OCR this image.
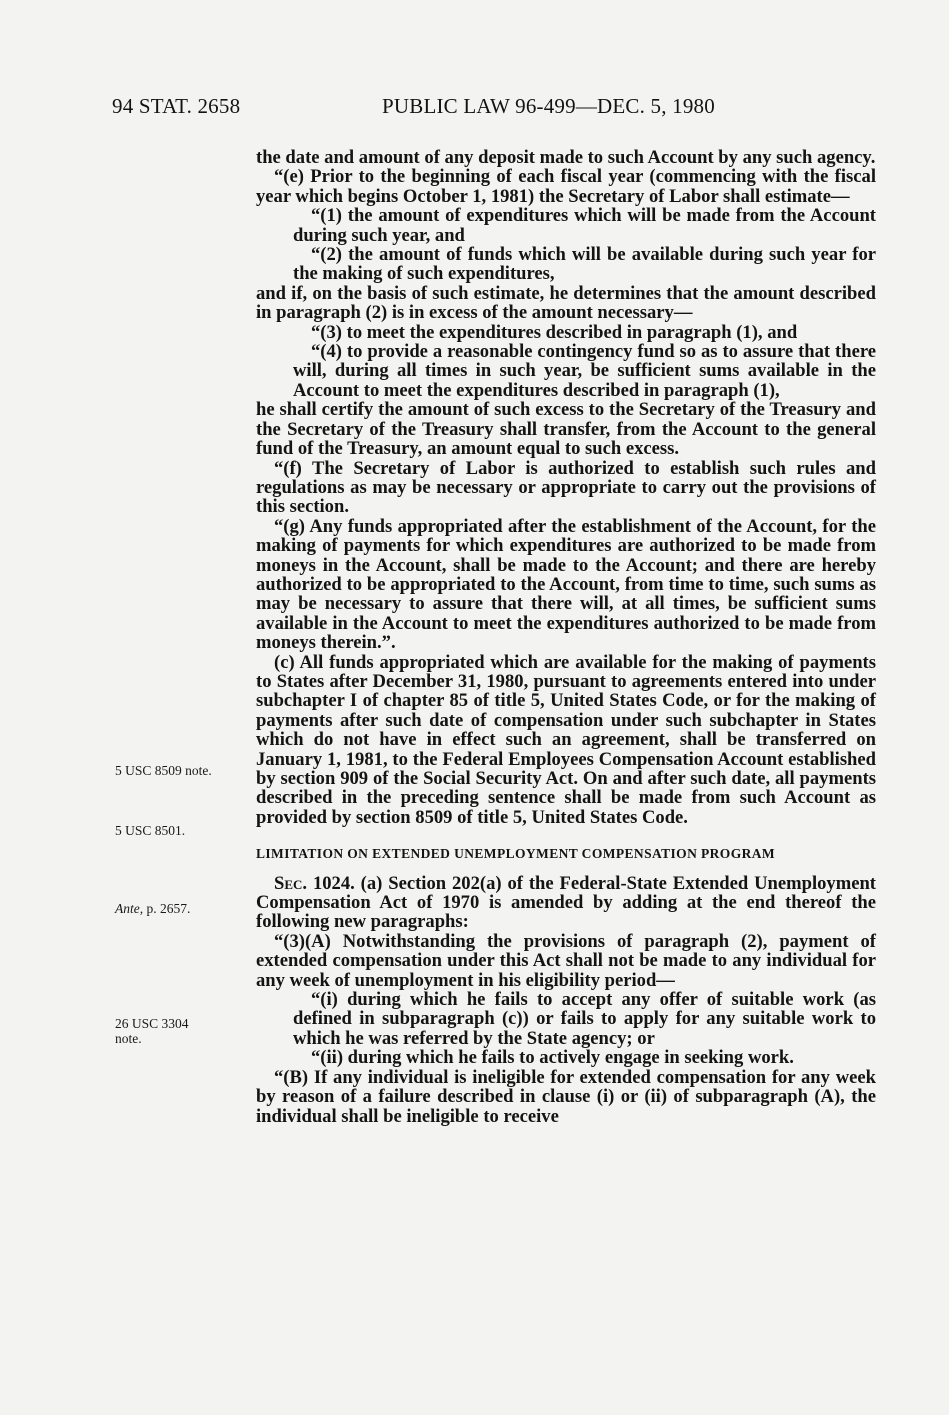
94 STAT. 2658	PUBLIC LAW 96-499—DEC. 5, 1980
5 USC 8509 note.
5 USC 8501.
Ante, p. 2657.
26 USC 3304
note.

the date and amount of any deposit made to such Account by any such agency.

“(e) Prior to the beginning of each fiscal year (commencing with the fiscal year which begins October 1, 1981) the Secretary of Labor shall estimate—

“(1) the amount of expenditures which will be made from the Account during such year, and

“(2) the amount of funds which will be available during such year for the making of such expenditures,

and if, on the basis of such estimate, he determines that the amount described in paragraph (2) is in excess of the amount necessary—

“(3) to meet the expenditures described in paragraph (1), and

“(4) to provide a reasonable contingency fund so as to assure that there will, during all times in such year, be sufficient sums available in the Account to meet the expenditures described in paragraph (1),

he shall certify the amount of such excess to the Secretary of the Treasury and the Secretary of the Treasury shall transfer, from the Account to the general fund of the Treasury, an amount equal to such excess.

“(f) The Secretary of Labor is authorized to establish such rules and regulations as may be necessary or appropriate to carry out the provisions of this section.

“(g) Any funds appropriated after the establishment of the Account, for the making of payments for which expenditures are authorized to be made from moneys in the Account, shall be made to the Account; and there are hereby authorized to be appropriated to the Account, from time to time, such sums as may be necessary to assure that there will, at all times, be sufficient sums available in the Account to meet the expenditures authorized to be made from moneys therein.”.

(c) All funds appropriated which are available for the making of payments to States after December 31, 1980, pursuant to agreements entered into under subchapter I of chapter 85 of title 5, United States Code, or for the making of payments after such date of compensation under such subchapter in States which do not have in effect such an agreement, shall be transferred on January 1, 1981, to the Federal Employees Compensation Account established by section 909 of the Social Security Act. On and after such date, all payments described in the preceding sentence shall be made from such Account as provided by section 8509 of title 5, United States Code.

LIMITATION ON EXTENDED UNEMPLOYMENT COMPENSATION PROGRAM

Sec. 1024. (a) Section 202(a) of the Federal-State Extended Unemployment Compensation Act of 1970 is amended by adding at the end thereof the following new paragraphs:

“(3)(A) Notwithstanding the provisions of paragraph (2), payment of extended compensation under this Act shall not be made to any individual for any week of unemployment in his eligibility period—

“(i) during which he fails to accept any offer of suitable work (as defined in subparagraph (c)) or fails to apply for any suitable work to which he was referred by the State agency; or

“(ii) during which he fails to actively engage in seeking work.

“(B) If any individual is ineligible for extended compensation for any week by reason of a failure described in clause (i) or (ii) of subparagraph (A), the individual shall be ineligible to receive
